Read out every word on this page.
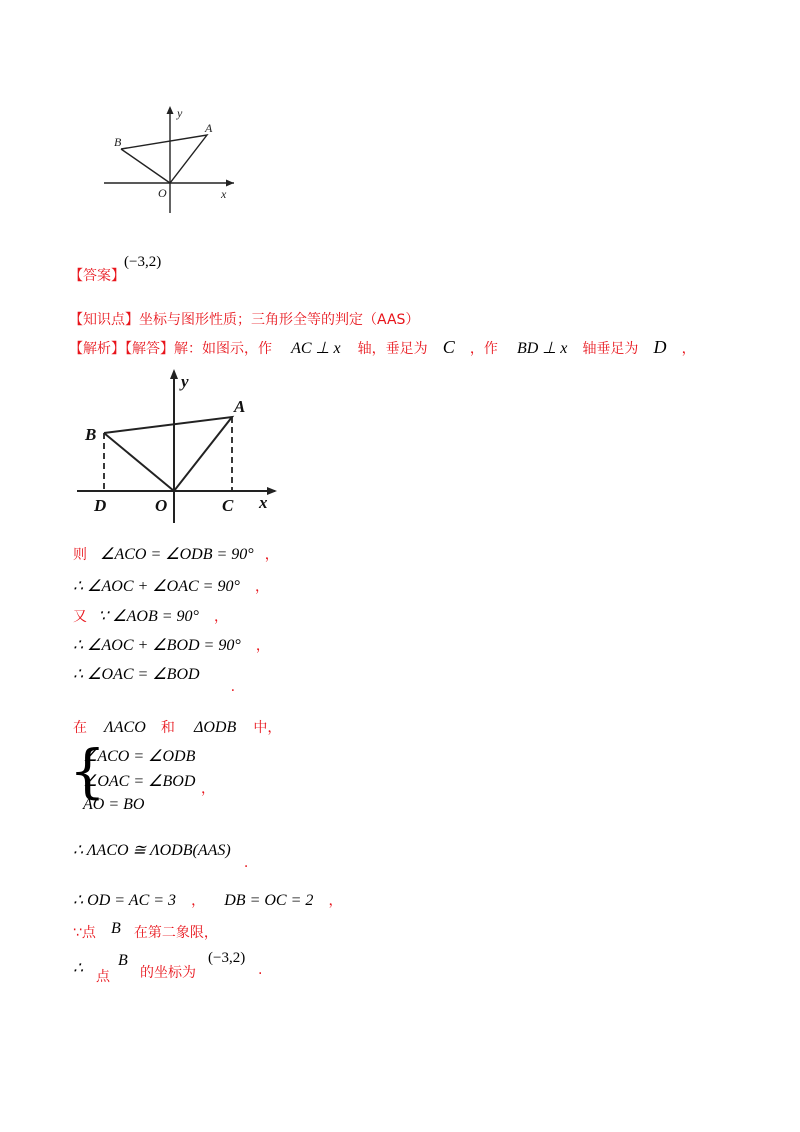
y
A
B
O	x
【答案】
(−3,2)
【知识点】坐标与图形性质；三角形全等的判定（AAS）
【解析】【解答】解：如图示，作 AC ⊥ x 轴，垂足为 C ，作 BD ⊥ x 轴垂足为 D ，
y
A
B
D	O	C x
则 ∠ACO = ∠ODB = 90° ，
∴ ∠AOC + ∠OAC = 90° ，
又 ∵ ∠AOB = 90° ，
∴ ∠AOC + ∠BOD = 90° ，
∴ ∠OAC = ∠BOD .
在 ΛACO 和 ΔODB 中，
{
∠ACO = ∠ODB
∠OAC = ∠BOD
AO = BO
，
∴ ΛACO ≅ ΛODB(AAS) .
∴ OD = AC = 3 ， DB = OC = 2 ，
∵点 B 在第二象限，
∴ 点
B
的坐标为
(−3,2)
.
